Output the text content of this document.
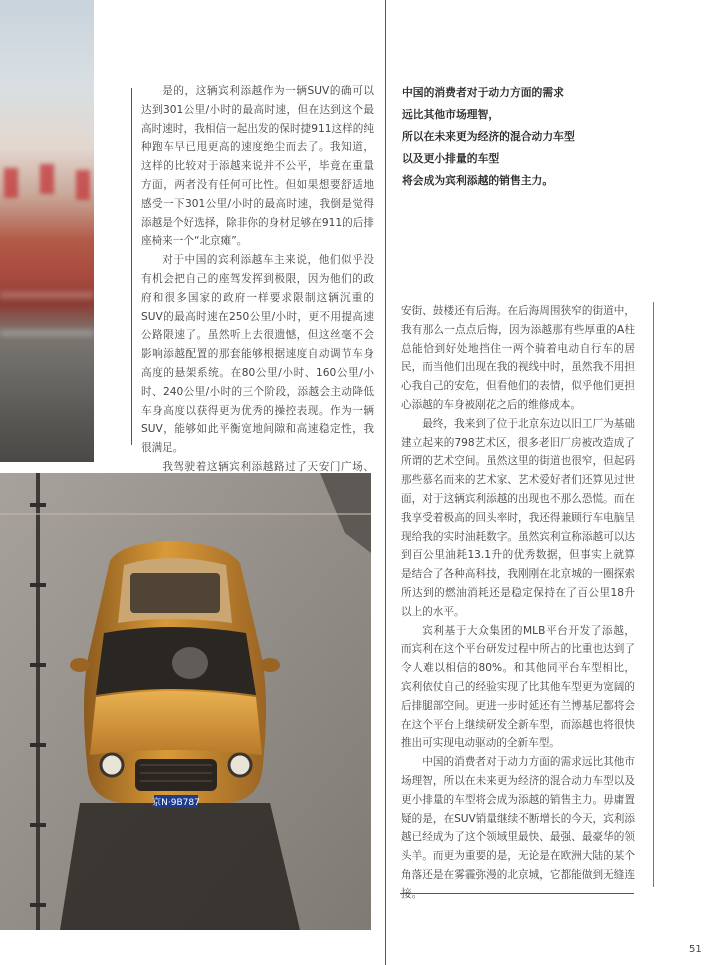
是的，这辆宾利添越作为一辆SUV的确可以达到301公里/小时的最高时速，但在达到这个最高时速时，我相信一起出发的保时捷911这样的纯种跑车早已甩更高的速度绝尘而去了。我知道，这样的比较对于添越来说并不公平，毕竟在重量方面，两者没有任何可比性。但如果想要舒适地感受一下301公里/小时的最高时速，我倒是觉得添越是个好选择，除非你的身材足够在911的后排座椅来一个“北京瘫”。

对于中国的宾利添越车主来说，他们似乎没有机会把自己的座驾发挥到极限，因为他们的政府和很多国家的政府一样要求限制这辆沉重的SUV的最高时速在250公里/小时，更不用提高速公路限速了。虽然听上去很遗憾，但这丝毫不会影响添越配置的那套能够根据速度自动调节车身高度的悬架系统。在80公里/小时、160公里/小时、240公里/小时的三个阶段，添越会主动降低车身高度以获得更为优秀的操控表现。作为一辆SUV，能够如此平衡宽地间隙和高速稳定性，我很满足。

我驾驶着这辆宾利添越路过了天安门广场、

中国的消费者对于动力方面的需求
远比其他市场理智，
所以在未来更为经济的混合动力车型
以及更小排量的车型
将会成为宾利添越的销售主力。

安街、鼓楼还有后海。在后海周围狭窄的街道中，我有那么一点点后悔，因为添越那有些厚重的A柱总能恰到好处地挡住一两个骑着电动自行车的居民，而当他们出现在我的视线中时，虽然我不用担心我自己的安危，但看他们的表情，似乎他们更担心添越的车身被剐花之后的维修成本。

最终，我来到了位于北京东边以旧工厂为基础建立起来的798艺术区，很多老旧厂房被改造成了所谓的艺术空间。虽然这里的街道也很窄，但起码那些慕名而来的艺术家、艺术爱好者们还算见过世面，对于这辆宾利添越的出现也不那么恐慌。而在我享受着极高的回头率时，我还得兼顾行车电脑呈现给我的实时油耗数字。虽然宾利宣称添越可以达到百公里油耗13.1升的优秀数据，但事实上就算是结合了各种高科技，我刚刚在北京城的一圈探索所达到的燃油消耗还是稳定保持在了百公里18升以上的水平。

宾利基于大众集团的MLB平台开发了添越，而宾利在这个平台研发过程中所占的比重也达到了令人难以相信的80%。和其他同平台车型相比，宾利依仗自己的经验实现了比其他车型更为宽阔的后排腿部空间。更进一步时延还有兰博基尼都将会在这个平台上继续研发全新车型，而添越也将很快推出可实现电动驱动的全新车型。

中国的消费者对于动力方面的需求远比其他市场理智，所以在未来更为经济的混合动力车型以及更小排量的车型将会成为添越的销售主力。毋庸置疑的是，在SUV销量继续不断增长的今天，宾利添越已经成为了这个领域里最快、最强、最豪华的领头羊。而更为重要的是，无论是在欧洲大陆的某个角落还是在雾霾弥漫的北京城，它都能做到无缝连接。

京N·9B787
51
